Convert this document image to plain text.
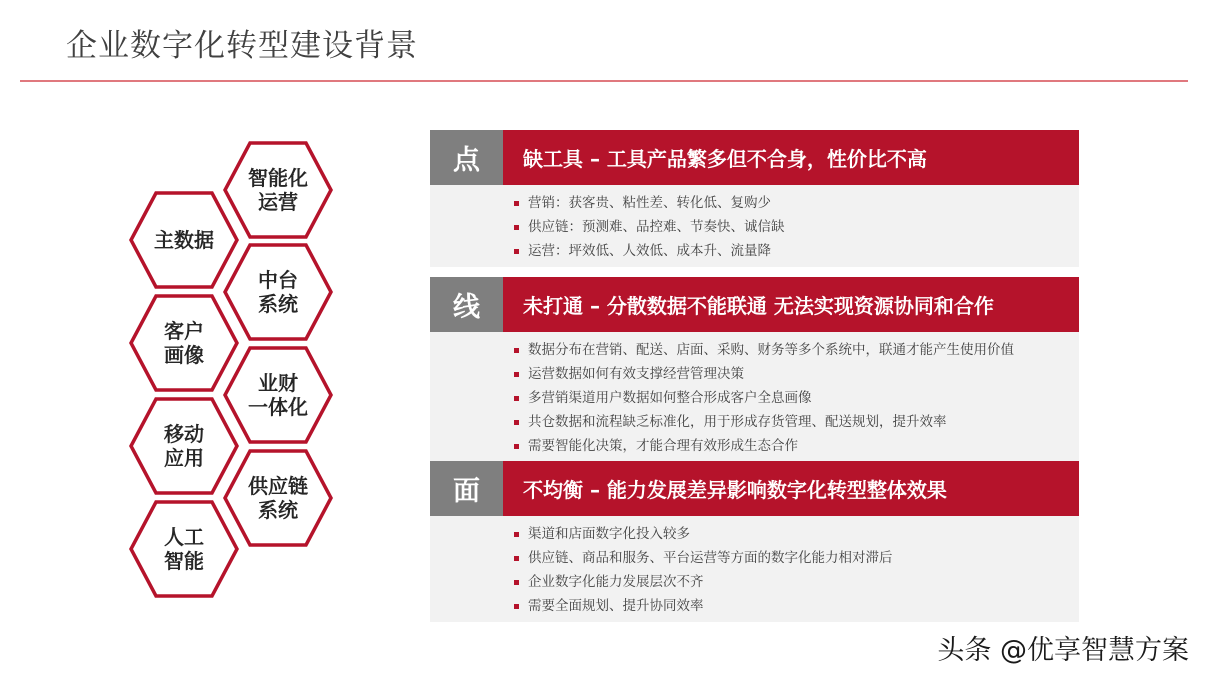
企业数字化转型建设背景
智能化
运营
主数据
中台
系统
客户
画像
业财
一体化
移动
应用
供应链
系统
人工
智能
点	缺工具 – 工具产品繁多但不合身，性价比不高
营销：获客贵、粘性差、转化低、复购少
供应链：预测难、品控难、节奏快、诚信缺
运营：坪效低、人效低、成本升、流量降
线	未打通 – 分散数据不能联通 无法实现资源协同和合作
数据分布在营销、配送、店面、采购、财务等多个系统中，联通才能产生使用价值
运营数据如何有效支撑经营管理决策
多营销渠道用户数据如何整合形成客户全息画像
共仓数据和流程缺乏标准化，用于形成存货管理、配送规划，提升效率
需要智能化决策，才能合理有效形成生态合作
面	不均衡 – 能力发展差异影响数字化转型整体效果
渠道和店面数字化投入较多
供应链、商品和服务、平台运营等方面的数字化能力相对滞后
企业数字化能力发展层次不齐
需要全面规划、提升协同效率
头条 @优享智慧方案
